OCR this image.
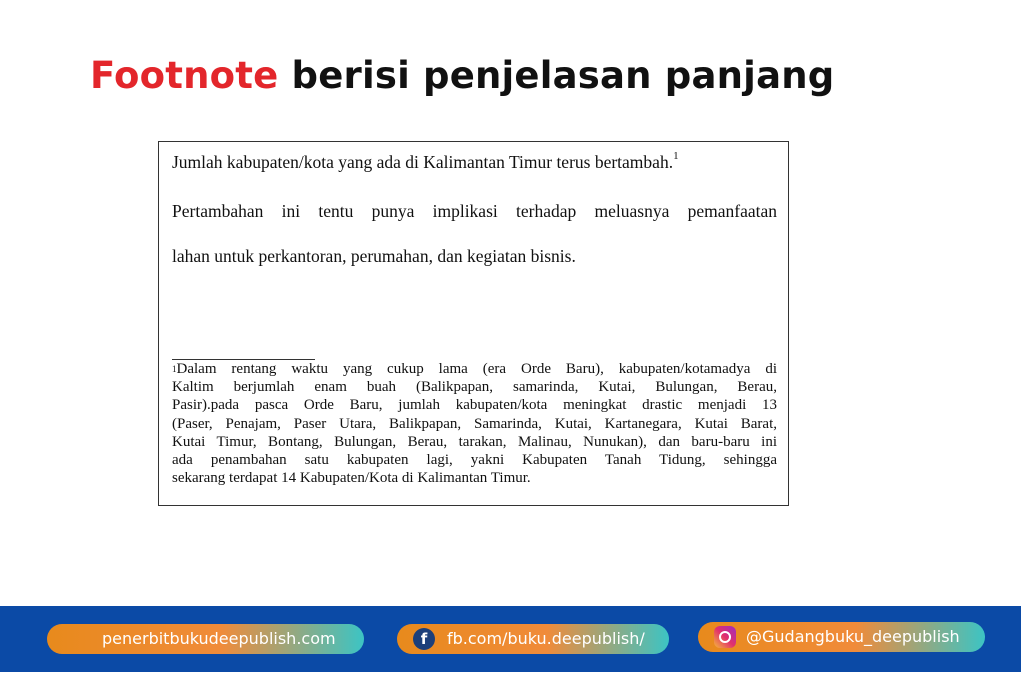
Footnote berisi penjelasan panjang
Jumlah kabupaten/kota yang ada di Kalimantan Timur terus bertambah.$^1$
Pertambahan ini tentu punya implikasi terhadap meluasnya pemanfaatan
lahan untuk perkantoran, perumahan, dan kegiatan bisnis.
$^1$Dalam rentang waktu yang cukup lama (era Orde Baru), kabupaten/kotamadya di
Kaltim berjumlah enam buah (Balikpapan, samarinda, Kutai, Bulungan, Berau,
Pasir).pada pasca Orde Baru, jumlah kabupaten/kota meningkat drastic menjadi 13
(Paser, Penajam, Paser Utara, Balikpapan, Samarinda, Kutai, Kartanegara, Kutai Barat,
Kutai Timur, Bontang, Bulungan, Berau, tarakan, Malinau, Nunukan), dan baru-baru ini
ada penambahan satu kabupaten lagi, yakni Kabupaten Tanah Tidung, sehingga
sekarang terdapat 14 Kabupaten/Kota di Kalimantan Timur.
penerbitbukudeepublish.com	f	fb.com/buku.deepublish/	@Gudangbuku_deepublish
